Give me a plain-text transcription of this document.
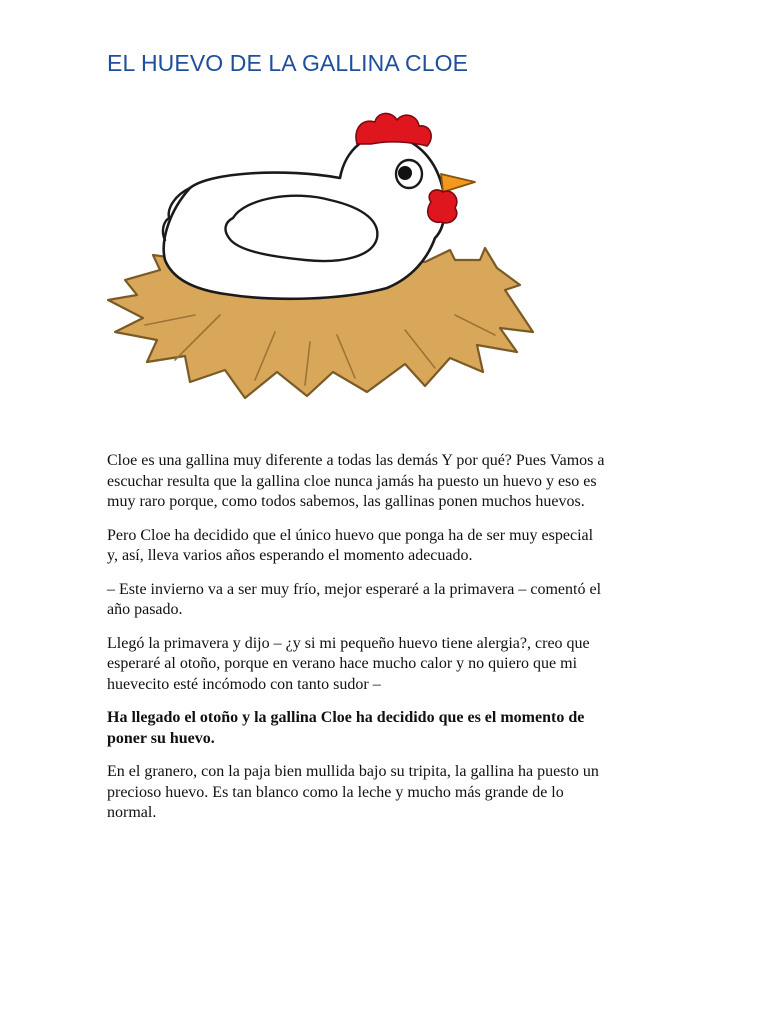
EL HUEVO DE LA GALLINA CLOE

Cloe es una gallina muy diferente a todas las demás Y por qué? Pues Vamos a
escuchar resulta que la gallina cloe nunca jamás ha puesto un huevo y eso es
muy raro porque, como todos sabemos, las gallinas ponen muchos huevos.

Pero Cloe ha decidido que el único huevo que ponga ha de ser muy especial
y, así, lleva varios años esperando el momento adecuado.

– Este invierno va a ser muy frío, mejor esperaré a la primavera – comentó el
año pasado.

Llegó la primavera y dijo – ¿y si mi pequeño huevo tiene alergia?, creo que
esperaré al otoño, porque en verano hace mucho calor y no quiero que mi
huevecito esté incómodo con tanto sudor –

Ha llegado el otoño y la gallina Cloe ha decidido que es el momento de
poner su huevo.

En el granero, con la paja bien mullida bajo su tripita, la gallina ha puesto un
precioso huevo. Es tan blanco como la leche y mucho más grande de lo
normal.
